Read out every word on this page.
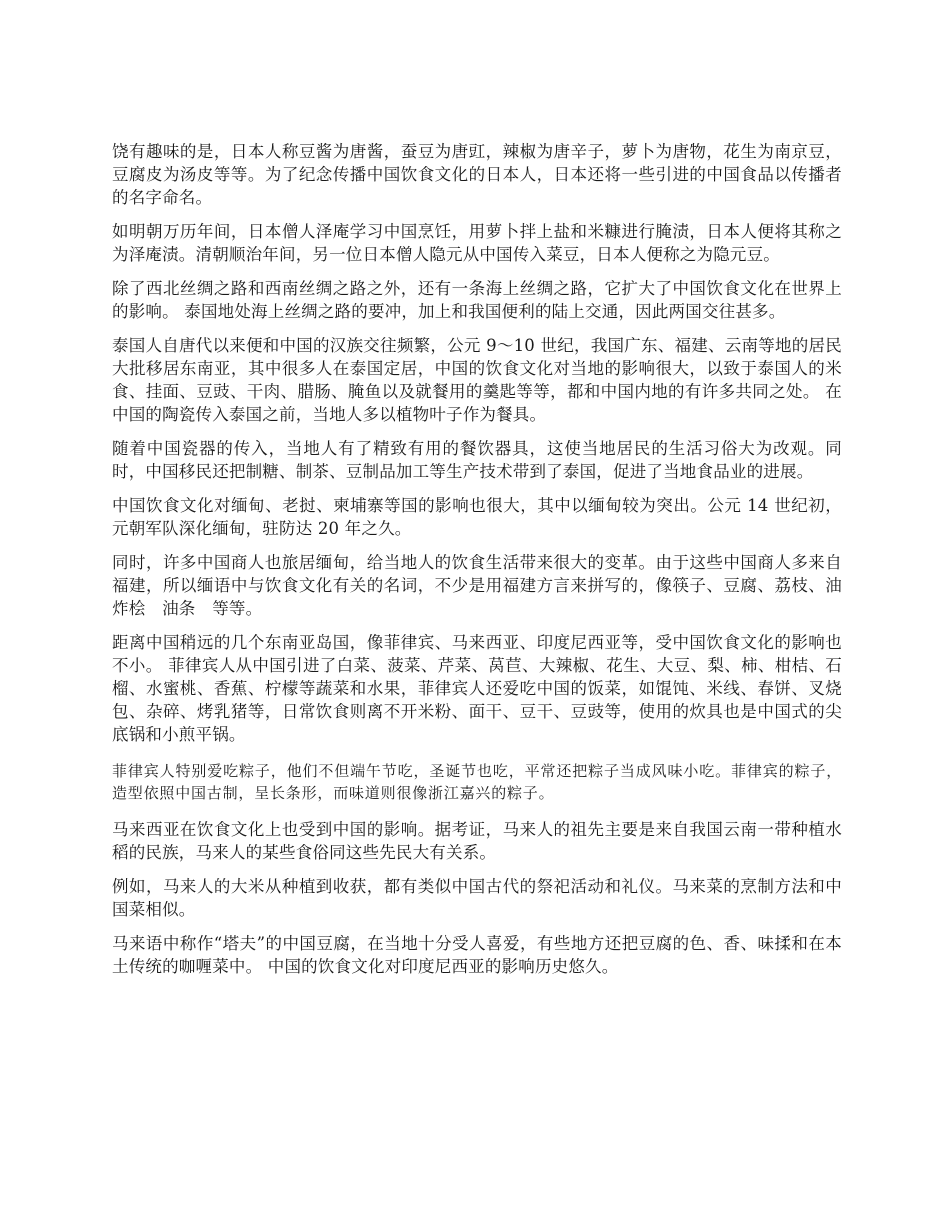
饶有趣味的是，日本人称豆酱为唐酱，蚕豆为唐豇，辣椒为唐辛子，萝卜为唐物，花生为南京豆，豆腐皮为汤皮等等。为了纪念传播中国饮食文化的日本人，日本还将一些引进的中国食品以传播者的名字命名。

如明朝万历年间，日本僧人泽庵学习中国烹饪，用萝卜拌上盐和米糠进行腌渍，日本人便将其称之为泽庵渍。清朝顺治年间，另一位日本僧人隐元从中国传入菜豆，日本人便称之为隐元豆。

除了西北丝绸之路和西南丝绸之路之外，还有一条海上丝绸之路，它扩大了中国饮食文化在世界上的影响。 泰国地处海上丝绸之路的要冲，加上和我国便利的陆上交通，因此两国交往甚多。

泰国人自唐代以来便和中国的汉族交往频繁，公元 9～10 世纪，我国广东、福建、云南等地的居民大批移居东南亚，其中很多人在泰国定居，中国的饮食文化对当地的影响很大，以致于泰国人的米食、挂面、豆豉、干肉、腊肠、腌鱼以及就餐用的羹匙等等，都和中国内地的有许多共同之处。 在中国的陶瓷传入泰国之前，当地人多以植物叶子作为餐具。

随着中国瓷器的传入，当地人有了精致有用的餐饮器具，这使当地居民的生活习俗大为改观。同时，中国移民还把制糖、制茶、豆制品加工等生产技术带到了泰国，促进了当地食品业的进展。

中国饮食文化对缅甸、老挝、柬埔寨等国的影响也很大，其中以缅甸较为突出。公元 14 世纪初，元朝军队深化缅甸，驻防达 20 年之久。

同时，许多中国商人也旅居缅甸，给当地人的饮食生活带来很大的变革。由于这些中国商人多来自福建，所以缅语中与饮食文化有关的名词，不少是用福建方言来拼写的，像筷子、豆腐、荔枝、油炸桧　油条　等等。

距离中国稍远的几个东南亚岛国，像菲律宾、马来西亚、印度尼西亚等，受中国饮食文化的影响也不小。 菲律宾人从中国引进了白菜、菠菜、芹菜、莴苣、大辣椒、花生、大豆、梨、柿、柑桔、石榴、水蜜桃、香蕉、柠檬等蔬菜和水果，菲律宾人还爱吃中国的饭菜，如馄饨、米线、春饼、叉烧包、杂碎、烤乳猪等，日常饮食则离不开米粉、面干、豆干、豆豉等，使用的炊具也是中国式的尖底锅和小煎平锅。

菲律宾人特别爱吃粽子，他们不但端午节吃，圣诞节也吃，平常还把粽子当成风味小吃。菲律宾的粽子，造型依照中国古制，呈长条形，而味道则很像浙江嘉兴的粽子。

马来西亚在饮食文化上也受到中国的影响。据考证，马来人的祖先主要是来自我国云南一带种植水稻的民族，马来人的某些食俗同这些先民大有关系。

例如，马来人的大米从种植到收获，都有类似中国古代的祭祀活动和礼仪。马来菜的烹制方法和中国菜相似。

马来语中称作“塔夫”的中国豆腐，在当地十分受人喜爱，有些地方还把豆腐的色、香、味揉和在本土传统的咖喱菜中。 中国的饮食文化对印度尼西亚的影响历史悠久。
